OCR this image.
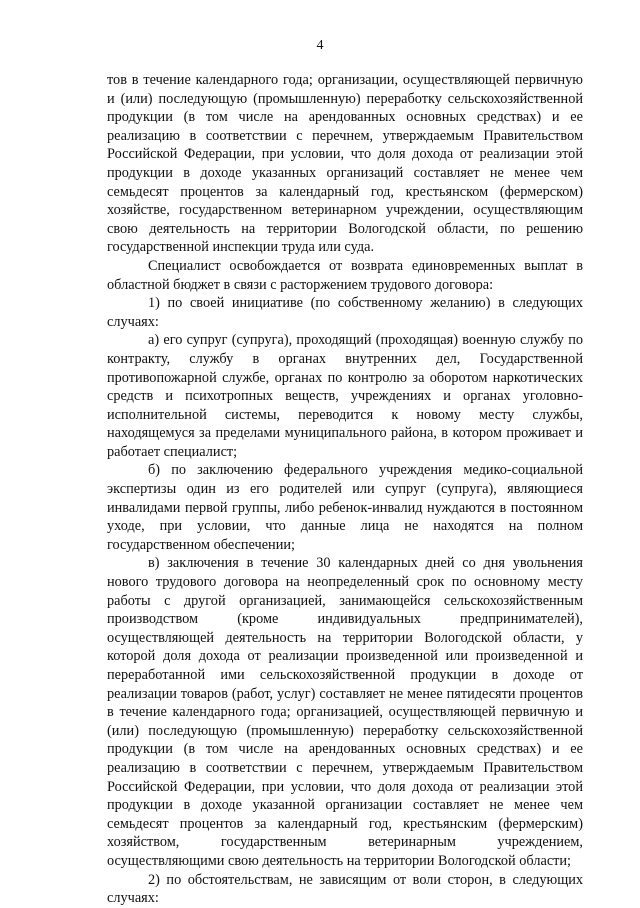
4

тов в течение календарного года; организации, осуществляющей первичную и (или) последующую (промышленную) переработку сельскохозяйственной продукции (в том числе на арендованных основных средствах) и ее реализацию в соответствии с перечнем, утверждаемым Правительством Российской Федерации, при условии, что доля дохода от реализации этой продукции в доходе указанных организаций составляет не менее чем семьдесят процентов за календарный год, крестьянском (фермерском) хозяйстве, государственном ветеринарном учреждении, осуществляющим свою деятельность на территории Вологодской области, по решению государственной инспекции труда или суда.

Специалист освобождается от возврата единовременных выплат в областной бюджет в связи с расторжением трудового договора:

1) по своей инициативе (по собственному желанию) в следующих случаях:

а) его супруг (супруга), проходящий (проходящая) военную службу по контракту, службу в органах внутренних дел, Государственной противопожарной службе, органах по контролю за оборотом наркотических средств и психотропных веществ, учреждениях и органах уголовно-исполнительной системы, переводится к новому месту службы, находящемуся за пределами муниципального района, в котором проживает и работает специалист;

б) по заключению федерального учреждения медико-социальной экспертизы один из его родителей или супруг (супруга), являющиеся инвалидами первой группы, либо ребенок-инвалид нуждаются в постоянном уходе, при условии, что данные лица не находятся на полном государственном обеспечении;

в) заключения в течение 30 календарных дней со дня увольнения нового трудового договора на неопределенный срок по основному месту работы с другой организацией, занимающейся сельскохозяйственным производством (кроме индивидуальных предпринимателей), осуществляющей деятельность на территории Вологодской области, у которой доля дохода от реализации произведенной или произведенной и переработанной ими сельскохозяйственной продукции в доходе от реализации товаров (работ, услуг) составляет не менее пятидесяти процентов в течение календарного года; организацией, осуществляющей первичную и (или) последующую (промышленную) переработку сельскохозяйственной продукции (в том числе на арендованных основных средствах) и ее реализацию в соответствии с перечнем, утверждаемым Правительством Российской Федерации, при условии, что доля дохода от реализации этой продукции в доходе указанной организации составляет не менее чем семьдесят процентов за календарный год, крестьянским (фермерским) хозяйством, государственным ветеринарным учреждением, осуществляющими свою деятельность на территории Вологодской области;

2) по обстоятельствам, не зависящим от воли сторон, в следующих случаях:
